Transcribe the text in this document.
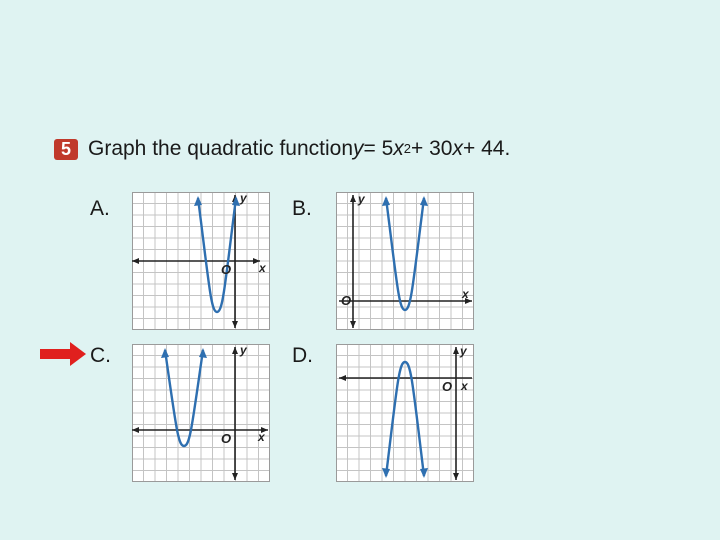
5 Graph the quadratic function y = 5 x 2 + 30 x + 44.
A.	B.
C.	D.
y
x
O
y
x
O
y
x
O
y
x
O
